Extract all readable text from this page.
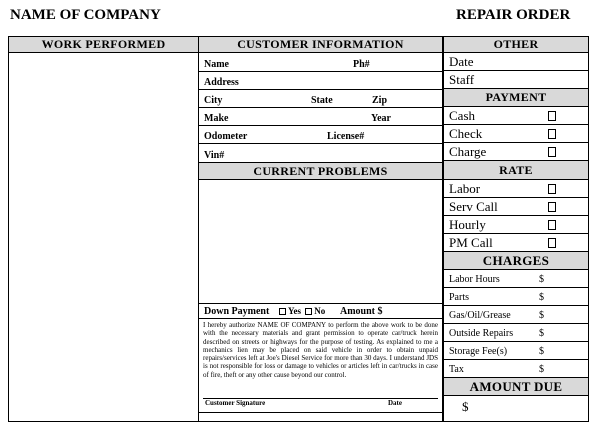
NAME OF COMPANY	REPAIR ORDER
WORK PERFORMED	CUSTOMER INFORMATION
Name	Ph#
Address
City	State	Zip
Make	Year
Odometer	License#
Vin#
CURRENT PROBLEMS
Down Payment	Yes No Amount $
I hereby authorize NAME OF COMPANY to perform the above work to be done with the necessary materials and grant permission to operate car/truck herein described on streets or highways for the purpose of testing. As explained to me a mechanics lien may be placed on said vehicle in order to obtain unpaid repairs/services left at Joe's Diesel Service for more than 30 days. I understand JDS is not responsible for loss or damage to vehicles or articles left in car/trucks in case of fire, theft or any other cause beyond our control.
Customer Signature	Date
OTHER
Date
Staff
PAYMENT
Cash
Check
Charge
RATE
Labor
Serv Call
Hourly
PM Call
CHARGES
Labor Hours	$
Parts	$
Gas/Oil/Grease	$
Outside Repairs	$
Storage Fee(s)	$
Tax	$
AMOUNT DUE
$
